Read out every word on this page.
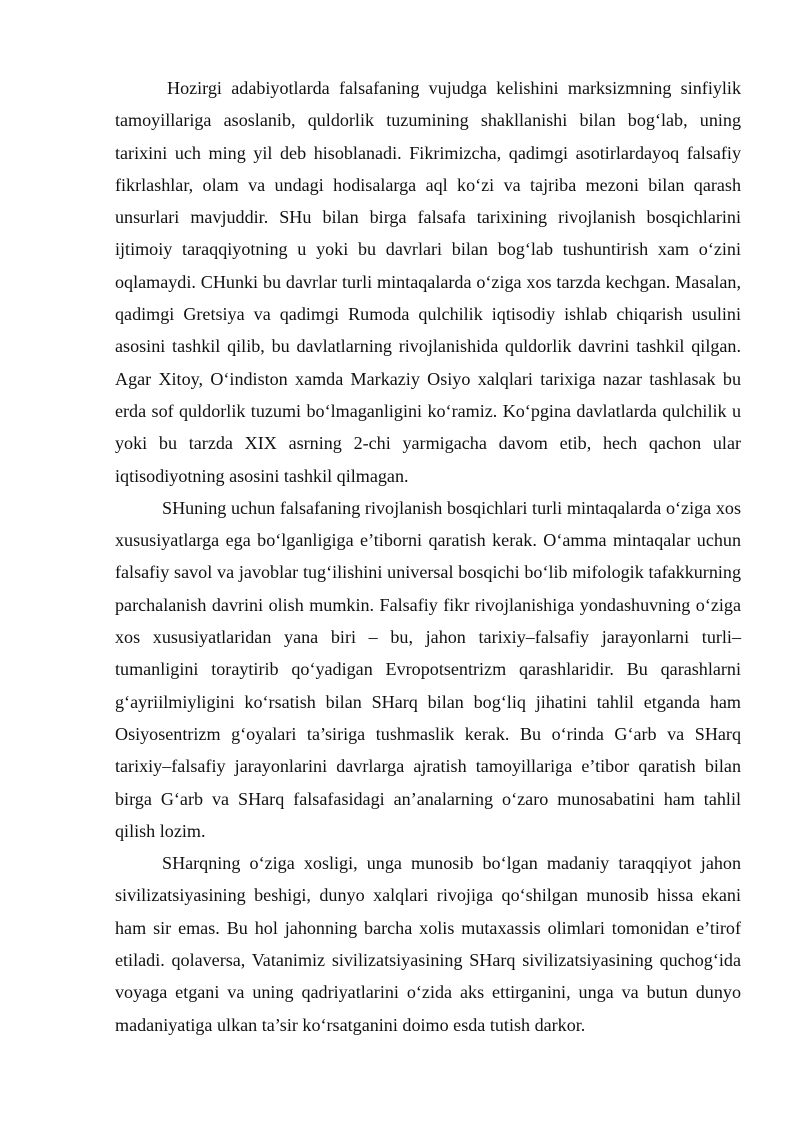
Hozirgi adabiyotlarda falsafaning vujudga kelishini marksizmning sinfiylik tamoyillariga asoslanib, quldorlik tuzumining shakllanishi bilan bog‘lab, uning tarixini uch ming yil deb hisoblanadi. Fikrimizcha, qadimgi asotirlardayoq falsafiy fikrlashlar, olam va undagi hodisalarga aql ko‘zi va tajriba mezoni bilan qarash unsurlari mavjuddir. SHu bilan birga falsafa tarixining rivojlanish bosqichlarini ijtimoiy taraqqiyotning u yoki bu davrlari bilan bog‘lab tushuntirish xam o‘zini oqlamaydi. CHunki bu davrlar turli mintaqalarda o‘ziga xos tarzda kechgan. Masalan, qadimgi Gretsiya va qadimgi Rumoda qulchilik iqtisodiy ishlab chiqarish usulini asosini tashkil qilib, bu davlatlarning rivojlanishida quldorlik davrini tashkil qilgan. Agar Xitoy, O‘indiston xamda Markaziy Osiyo xalqlari tarixiga nazar tashlasak bu erda sof quldorlik tuzumi bo‘lmaganligini ko‘ramiz. Ko‘pgina davlatlarda qulchilik u yoki bu tarzda XIX asrning 2-chi yarmigacha davom etib, hech qachon ular iqtisodiyotning asosini tashkil qilmagan.

SHuning uchun falsafaning rivojlanish bosqichlari turli mintaqalarda o‘ziga xos xususiyatlarga ega bo‘lganligiga e’tiborni qaratish kerak. O‘amma mintaqalar uchun falsafiy savol va javoblar tug‘ilishini universal bosqichi bo‘lib mifologik tafakkurning parchalanish davrini olish mumkin. Falsafiy fikr rivojlanishiga yondashuvning o‘ziga xos xususiyatlaridan yana biri – bu, jahon tarixiy–falsafiy jarayonlarni turli–tumanligini toraytirib qo‘yadigan Evropotsentrizm qarashlaridir. Bu qarashlarni g‘ayriilmiyligini ko‘rsatish bilan SHarq bilan bog‘liq jihatini tahlil etganda ham Osiyosentrizm g‘oyalari ta’siriga tushmaslik kerak. Bu o‘rinda G‘arb va SHarq tarixiy–falsafiy jarayonlarini davrlarga ajratish tamoyillariga e’tibor qaratish bilan birga G‘arb va SHarq falsafasidagi an’analarning o‘zaro munosabatini ham tahlil qilish lozim.

SHarqning o‘ziga xosligi, unga munosib bo‘lgan madaniy taraqqiyot jahon sivilizatsiyasining beshigi, dunyo xalqlari rivojiga qo‘shilgan munosib hissa ekani ham sir emas. Bu hol jahonning barcha xolis mutaxassis olimlari tomonidan e’tirof etiladi. qolaversa, Vatanimiz sivilizatsiyasining SHarq sivilizatsiyasining quchog‘ida voyaga etgani va uning qadriyatlarini o‘zida aks ettirganini, unga va butun dunyo madaniyatiga ulkan ta’sir ko‘rsatganini doimo esda tutish darkor.
